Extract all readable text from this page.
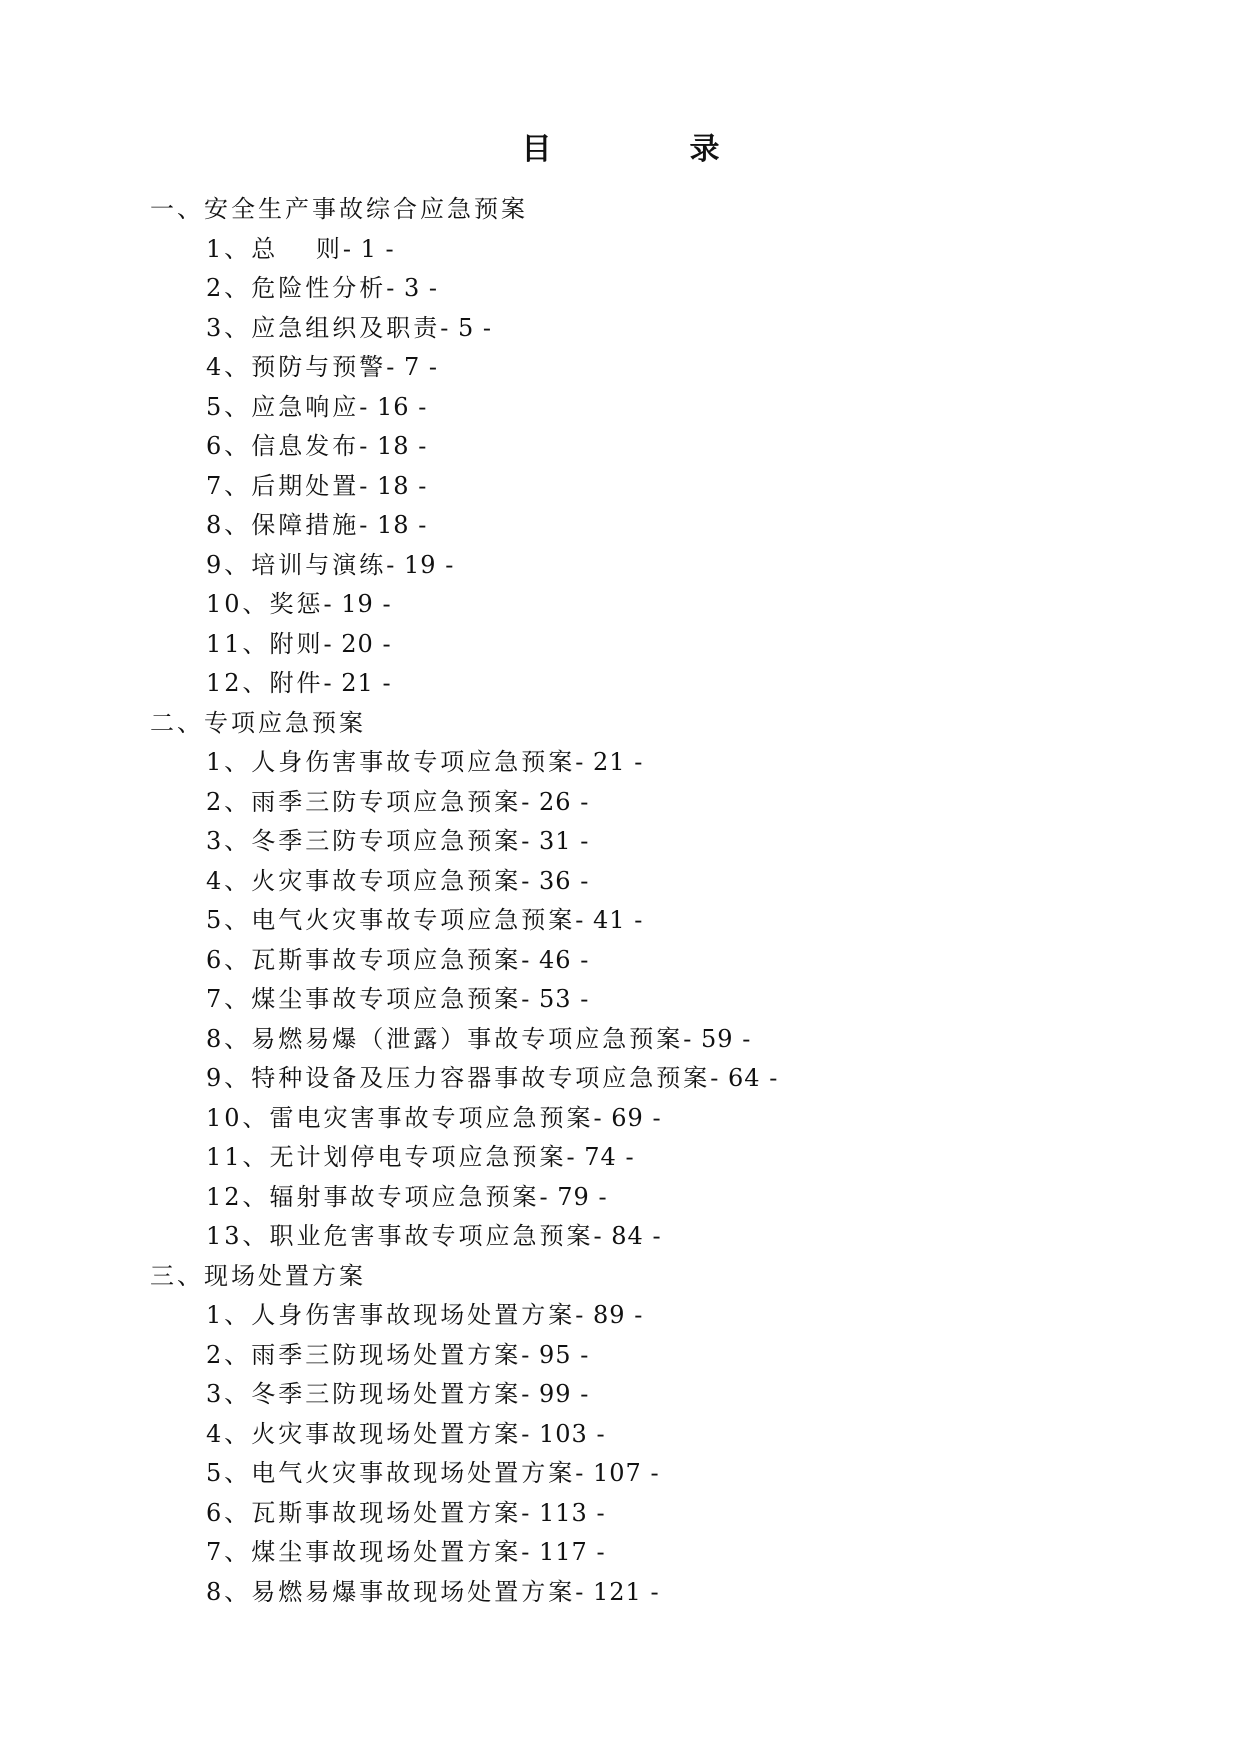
目　录
一、安全生产事故综合应急预案
1、总　 则- 1 -
2、危险性分析- 3 -
3、应急组织及职责- 5 -
4、预防与预警- 7 -
5、应急响应- 16 -
6、信息发布- 18 -
7、后期处置- 18 -
8、保障措施- 18 -
9、培训与演练- 19 -
10、奖惩- 19 -
11、附则- 20 -
12、附件- 21 -
二、专项应急预案
1、人身伤害事故专项应急预案- 21 -
2、雨季三防专项应急预案- 26 -
3、冬季三防专项应急预案- 31 -
4、火灾事故专项应急预案- 36 -
5、电气火灾事故专项应急预案- 41 -
6、瓦斯事故专项应急预案- 46 -
7、煤尘事故专项应急预案- 53 -
8、易燃易爆（泄露）事故专项应急预案- 59 -
9、特种设备及压力容器事故专项应急预案- 64 -
10、雷电灾害事故专项应急预案- 69 -
11、无计划停电专项应急预案- 74 -
12、辐射事故专项应急预案- 79 -
13、职业危害事故专项应急预案- 84 -
三、现场处置方案
1、人身伤害事故现场处置方案- 89 -
2、雨季三防现场处置方案- 95 -
3、冬季三防现场处置方案- 99 -
4、火灾事故现场处置方案- 103 -
5、电气火灾事故现场处置方案- 107 -
6、瓦斯事故现场处置方案- 113 -
7、煤尘事故现场处置方案- 117 -
8、易燃易爆事故现场处置方案- 121 -
